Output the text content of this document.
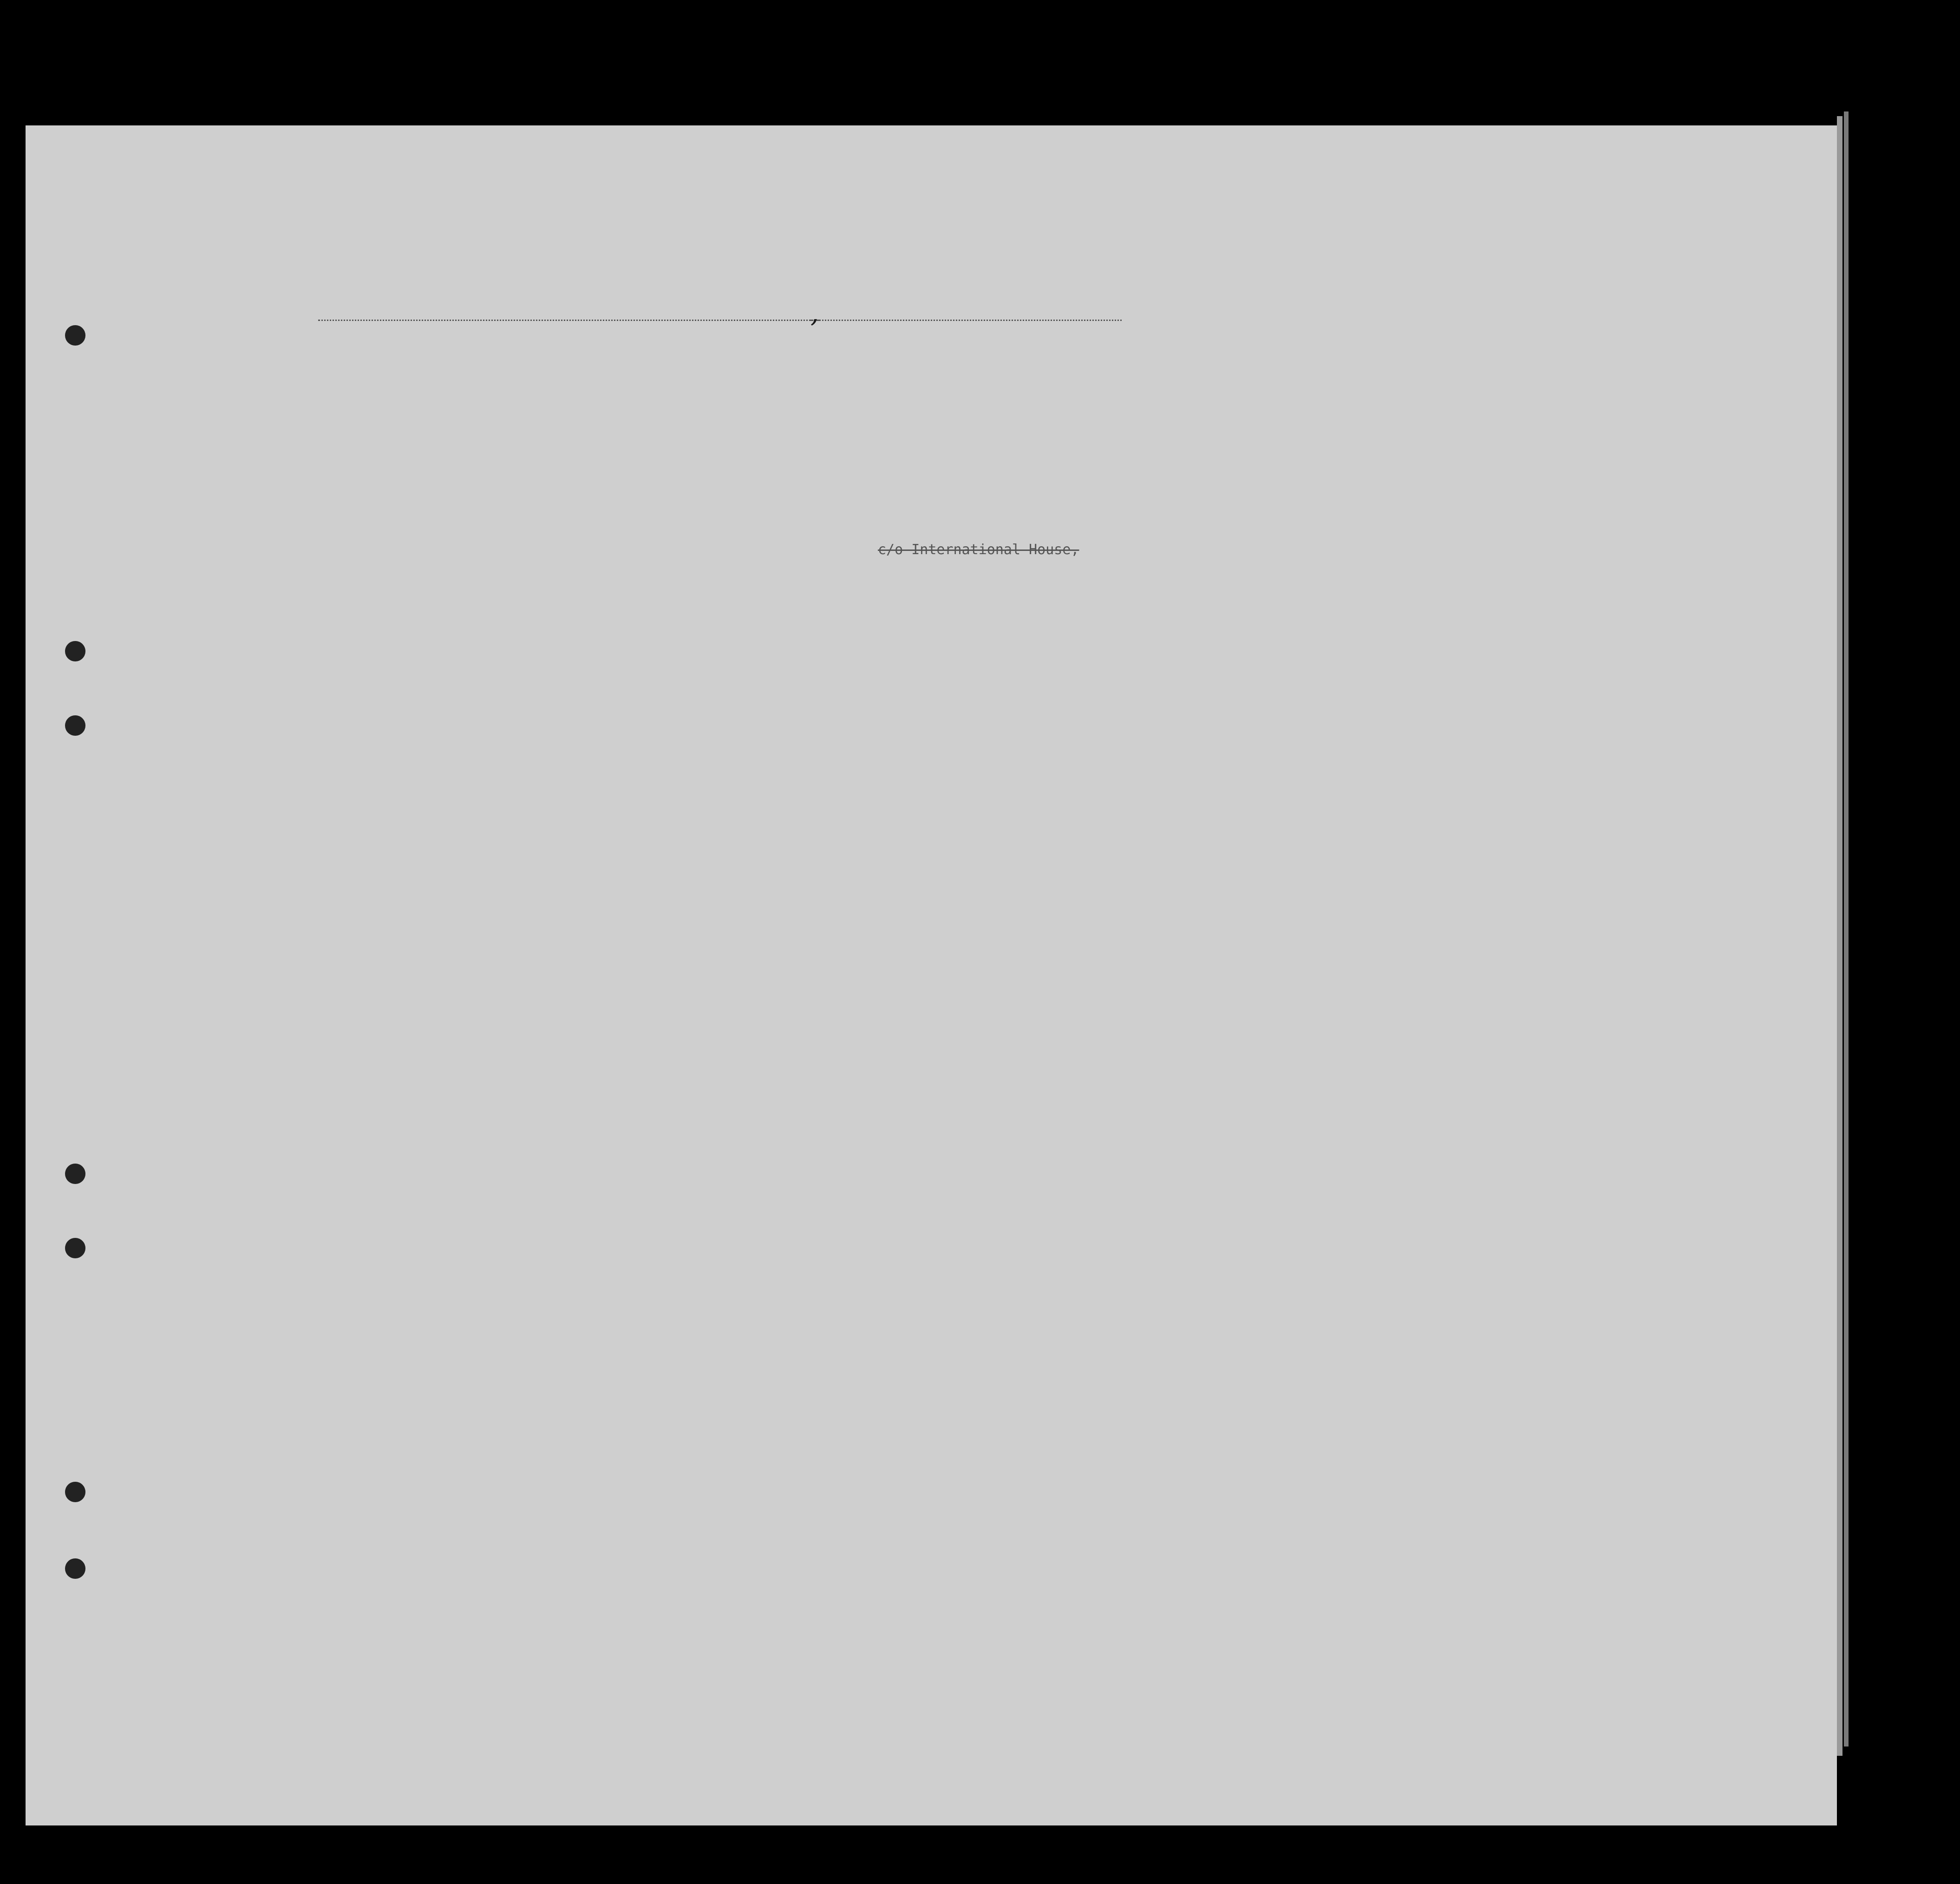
,
c/o International House,
